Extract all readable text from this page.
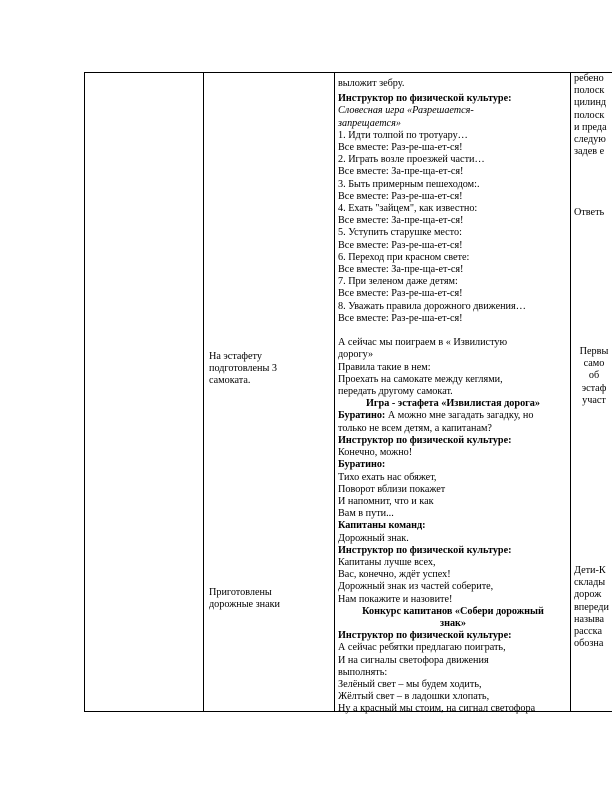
На эстафету подготовлены 3 самоката.
Приготовлены дорожные знаки

выложит зебру.

Инструктор по физической культуре:

Словесная игра «Разрешается-

запрещается»

1. Идти толпой по тротуару…

Все вместе: Раз-ре-ша-ет-ся!

2. Играть возле проезжей части…

Все вместе: За-пре-ща-ет-ся!

3. Быть примерным пешеходом:.

Все вместе: Раз-ре-ша-ет-ся!

4. Ехать "зайцем", как известно:

Все вместе: За-пре-ща-ет-ся!

5. Уступить старушке место:

Все вместе: Раз-ре-ша-ет-ся!

6. Переход при красном свете:

Все вместе: За-пре-ща-ет-ся!

7. При зеленом даже детям:

Все вместе: Раз-ре-ша-ет-ся!

8. Уважать правила дорожного движения…

Все вместе: Раз-ре-ша-ет-ся!

А сейчас мы поиграем в « Извилистую

дорогу»

Правила такие в нем:

Проехать на самокате между кеглями,

передать другому самокат.

Игра - эстафета «Извилистая дорога»

Буратино: А можно мне загадать загадку, но

только не всем детям, а капитанам?

Инструктор по физической культуре:

Конечно, можно!

Буратино:

Тихо ехать нас обяжет,

Поворот вблизи покажет

И напомнит, что и как

Вам в пути...

Капитаны команд:

Дорожный знак.

Инструктор по физической культуре:

Капитаны лучше всех,

Вас, конечно, ждёт успех!

Дорожный знак из частей соберите,

Нам покажите и назовите!

Конкурс капитанов «Собери дорожный

знак»

Инструктор по физической культуре:

А сейчас ребятки предлагаю поиграть,

И на сигналы светофора движения

выполнять:

Зелёный свет – мы будем ходить,

Жёлтый свет – в ладошки хлопать,

Ну а красный мы стоим, на сигнал светофора

ребено
полоск
цилинд
полоск
и преда
следую
задев е
Ответь
Первы
само
об
эстаф
участ
Дети-К
склады
дорож
впереди
называ
расска
обозна
